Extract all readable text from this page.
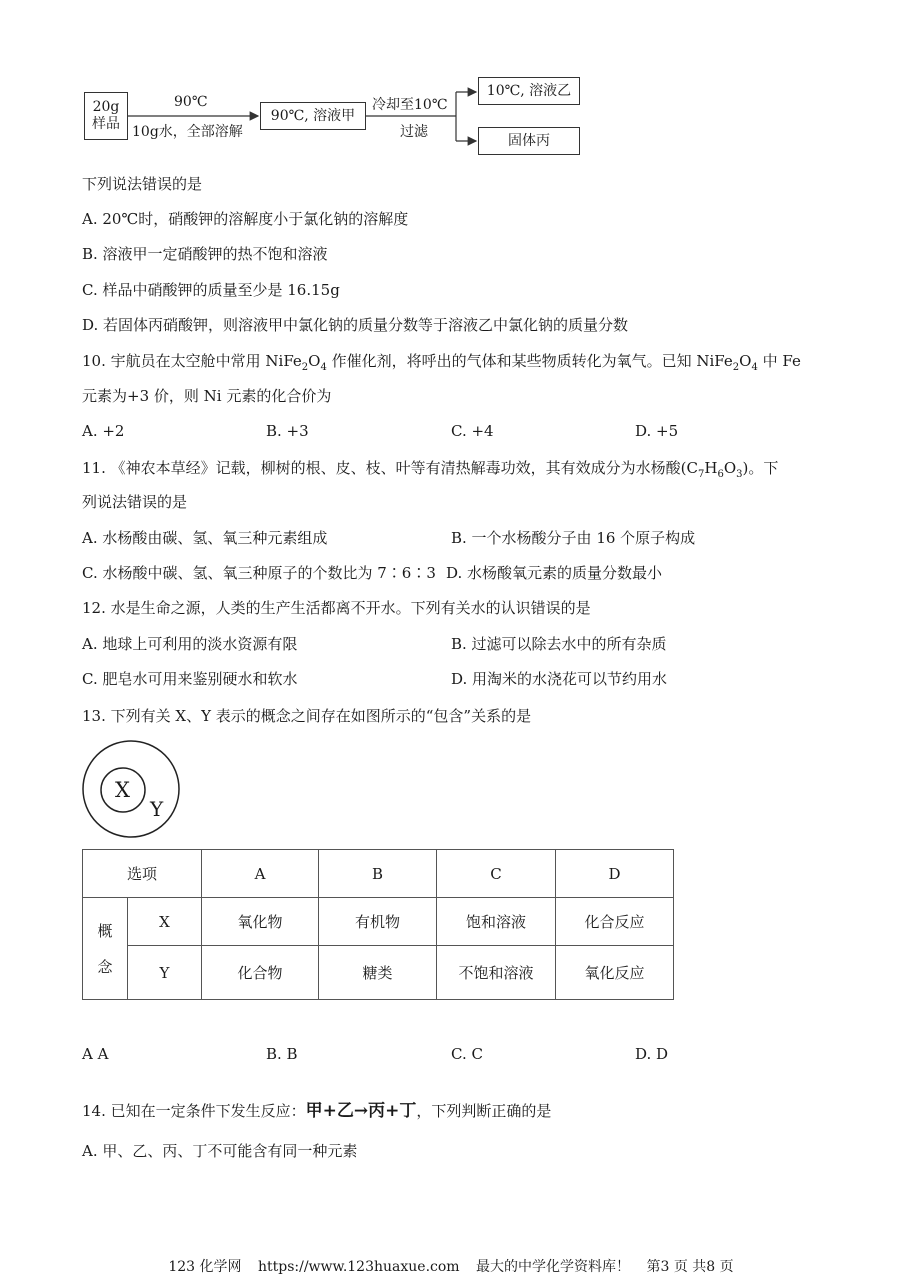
20g
样品
90℃
10g水，全部溶解
90℃, 溶液甲
冷却至10℃
过滤
10℃, 溶液乙
固体丙
下列说法错误的是
A. 20℃时，硝酸钾的溶解度小于氯化钠的溶解度
B. 溶液甲一定硝酸钾的热不饱和溶液
C. 样品中硝酸钾的质量至少是 16.15g
D. 若固体丙硝酸钾，则溶液甲中氯化钠的质量分数等于溶液乙中氯化钠的质量分数
10. 宇航员在太空舱中常用 $NiFe_2O_4$ 作催化剂，将呼出的气体和某些物质转化为氧气。已知 $NiFe_2O_4$ 中 Fe
元素为+3 价，则 Ni 元素的化合价为
A. +2	B. +3	C. +4	D. +5
11. 《神农本草经》记载，柳树的根、皮、枝、叶等有清热解毒功效，其有效成分为水杨酸$(C_7H_6O_3)$。下
列说法错误的是
A. 水杨酸由碳、氢、氧三种元素组成	B. 一个水杨酸分子由 16 个原子构成
C. 水杨酸中碳、氢、氧三种原子的个数比为 7∶6∶3 D. 水杨酸氧元素的质量分数最小
12. 水是生命之源，人类的生产生活都离不开水。下列有关水的认识错误的是
A. 地球上可利用的淡水资源有限	B. 过滤可以除去水中的所有杂质
C. 肥皂水可用来鉴别硬水和软水	D. 用淘米的水浇花可以节约用水
13. 下列有关 X、Y 表示的概念之间存在如图所示的“包含”关系的是
X
Y
选项		A	B	C	D

概
念	X	氧化物	有机物	饱和溶液	化合反应
	Y	化合物	糖类	不饱和溶液	氧化反应
A A	B. B	C. C	D. D
14. 已知在一定条件下发生反应：甲+乙→丙+丁，下列判断正确的是
A. 甲、乙、丙、丁不可能含有同一种元素
123 化学网 https://www.123huaxue.com 最大的中学化学资料库！ 第3 页 共8 页
